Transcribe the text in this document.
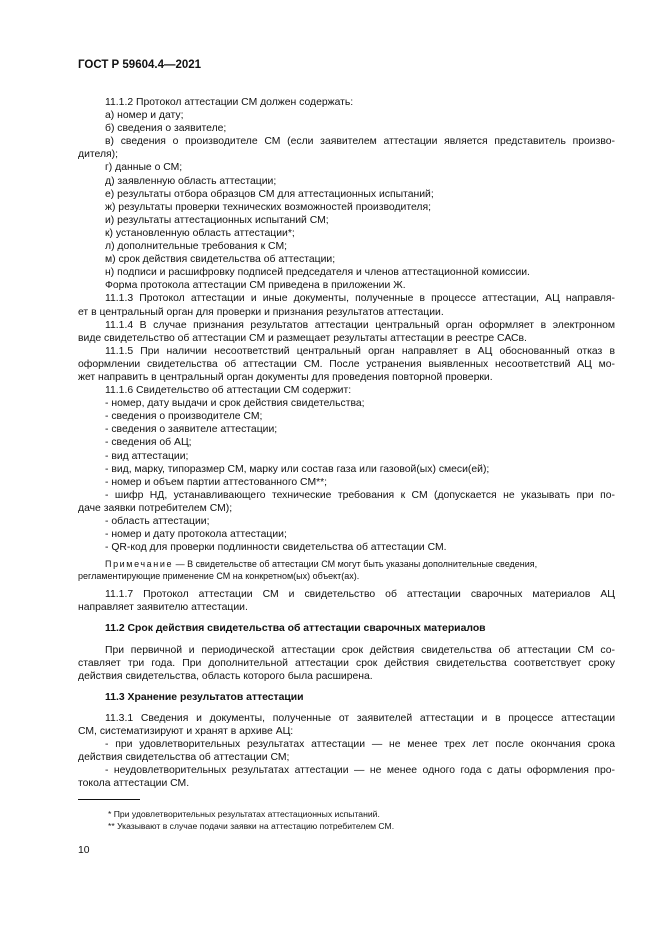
ГОСТ Р 59604.4—2021
11.1.2 Протокол аттестации СМ должен содержать:
а) номер и дату;
б) сведения о заявителе;
в) сведения о производителе СМ (если заявителем аттестации является представитель произво-
дителя);
г) данные о СМ;
д) заявленную область аттестации;
е) результаты отбора образцов СМ для аттестационных испытаний;
ж) результаты проверки технических возможностей производителя;
и) результаты аттестационных испытаний СМ;
к) установленную область аттестации*;
л) дополнительные требования к СМ;
м) срок действия свидетельства об аттестации;
н) подписи и расшифровку подписей председателя и членов аттестационной комиссии.
Форма протокола аттестации СМ приведена в приложении Ж.
11.1.3 Протокол аттестации и иные документы, полученные в процессе аттестации, АЦ направля-
ет в центральный орган для проверки и признания результатов аттестации.
11.1.4 В случае признания результатов аттестации центральный орган оформляет в электронном
виде свидетельство об аттестации СМ и размещает результаты аттестации в реестре САСв.
11.1.5 При наличии несоответствий центральный орган направляет в АЦ обоснованный отказ в
оформлении свидетельства об аттестации СМ. После устранения выявленных несоответствий АЦ мо-
жет направить в центральный орган документы для проведения повторной проверки.
11.1.6 Свидетельство об аттестации СМ содержит:
- номер, дату выдачи и срок действия свидетельства;
- сведения о производителе СМ;
- сведения о заявителе аттестации;
- сведения об АЦ;
- вид аттестации;
- вид, марку, типоразмер СМ, марку или состав газа или газовой(ых) смеси(ей);
- номер и объем партии аттестованного СМ**;
- шифр НД, устанавливающего технические требования к СМ (допускается не указывать при по-
даче заявки потребителем СМ);
- область аттестации;
- номер и дату протокола аттестации;
- QR-код для проверки подлинности свидетельства об аттестации СМ.
Примечание — В свидетельстве об аттестации СМ могут быть указаны дополнительные сведения,
регламентирующие применение СМ на конкретном(ых) объект(ах).
11.1.7 Протокол аттестации СМ и свидетельство об аттестации сварочных материалов АЦ
направляет заявителю аттестации.
11.2 Срок действия свидетельства об аттестации сварочных материалов
При первичной и периодической аттестации срок действия свидетельства об аттестации СМ со-
ставляет три года. При дополнительной аттестации срок действия свидетельства соответствует сроку
действия свидетельства, область которого была расширена.
11.3 Хранение результатов аттестации
11.3.1 Сведения и документы, полученные от заявителей аттестации и в процессе аттестации
СМ, систематизируют и хранят в архиве АЦ:
- при удовлетворительных результатах аттестации — не менее трех лет после окончания срока
действия свидетельства об аттестации СМ;
- неудовлетворительных результатах аттестации — не менее одного года с даты оформления про-
токола аттестации СМ.
* При удовлетворительных результатах аттестационных испытаний.
** Указывают в случае подачи заявки на аттестацию потребителем СМ.
10
